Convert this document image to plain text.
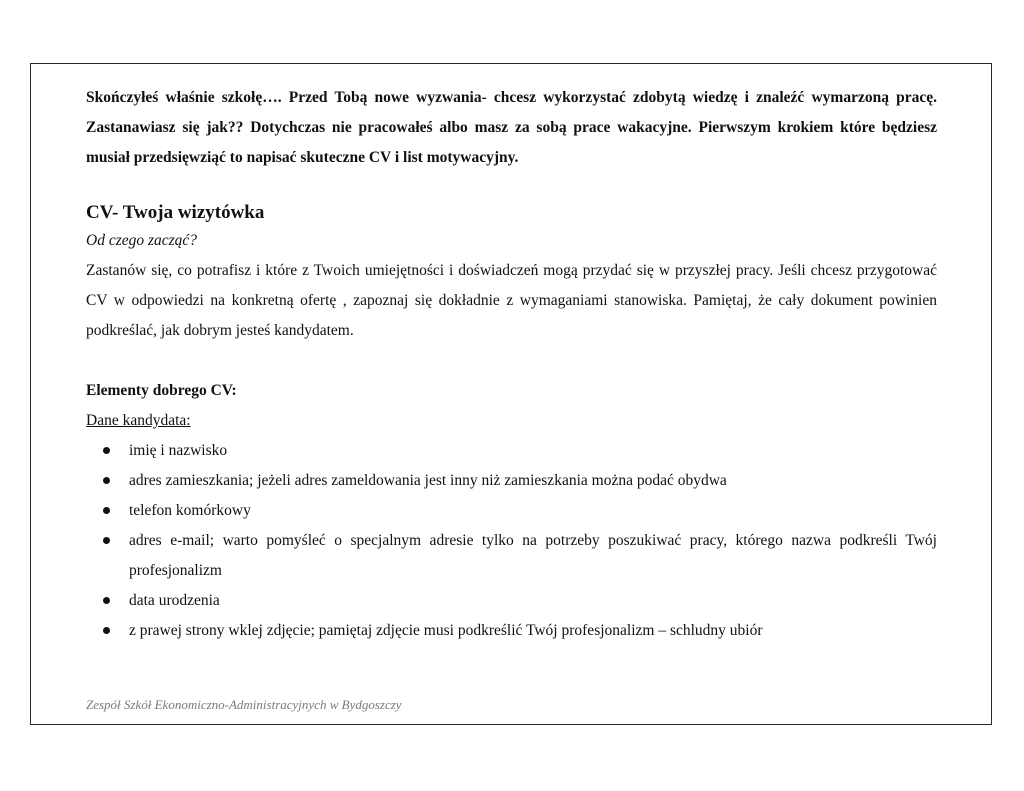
Skończyłeś właśnie szkołę…. Przed Tobą nowe wyzwania- chcesz wykorzystać zdobytą wiedzę i znaleźć wymarzoną pracę. Zastanawiasz się jak?? Dotychczas nie pracowałeś albo masz za sobą prace wakacyjne. Pierwszym krokiem które będziesz musiał przedsięwziąć to napisać skuteczne CV i list motywacyjny.

CV- Twoja wizytówka

Od czego zacząć?

Zastanów się, co potrafisz i które z Twoich umiejętności i doświadczeń mogą przydać się w przyszłej pracy. Jeśli chcesz przygotować CV w odpowiedzi na konkretną ofertę , zapoznaj się dokładnie z wymaganiami stanowiska. Pamiętaj, że cały dokument powinien podkreślać, jak dobrym jesteś kandydatem.

Elementy dobrego CV:

Dane kandydata:

imię i nazwisko
adres zamieszkania; jeżeli adres zameldowania jest inny niż zamieszkania można podać obydwa
telefon komórkowy
adres e-mail; warto pomyśleć o specjalnym adresie tylko na potrzeby poszukiwać pracy, którego nazwa podkreśli Twój profesjonalizm
data urodzenia
z prawej strony wklej zdjęcie; pamiętaj zdjęcie musi podkreślić Twój profesjonalizm – schludny ubiór
Zespół Szkół Ekonomiczno-Administracyjnych w Bydgoszczy
